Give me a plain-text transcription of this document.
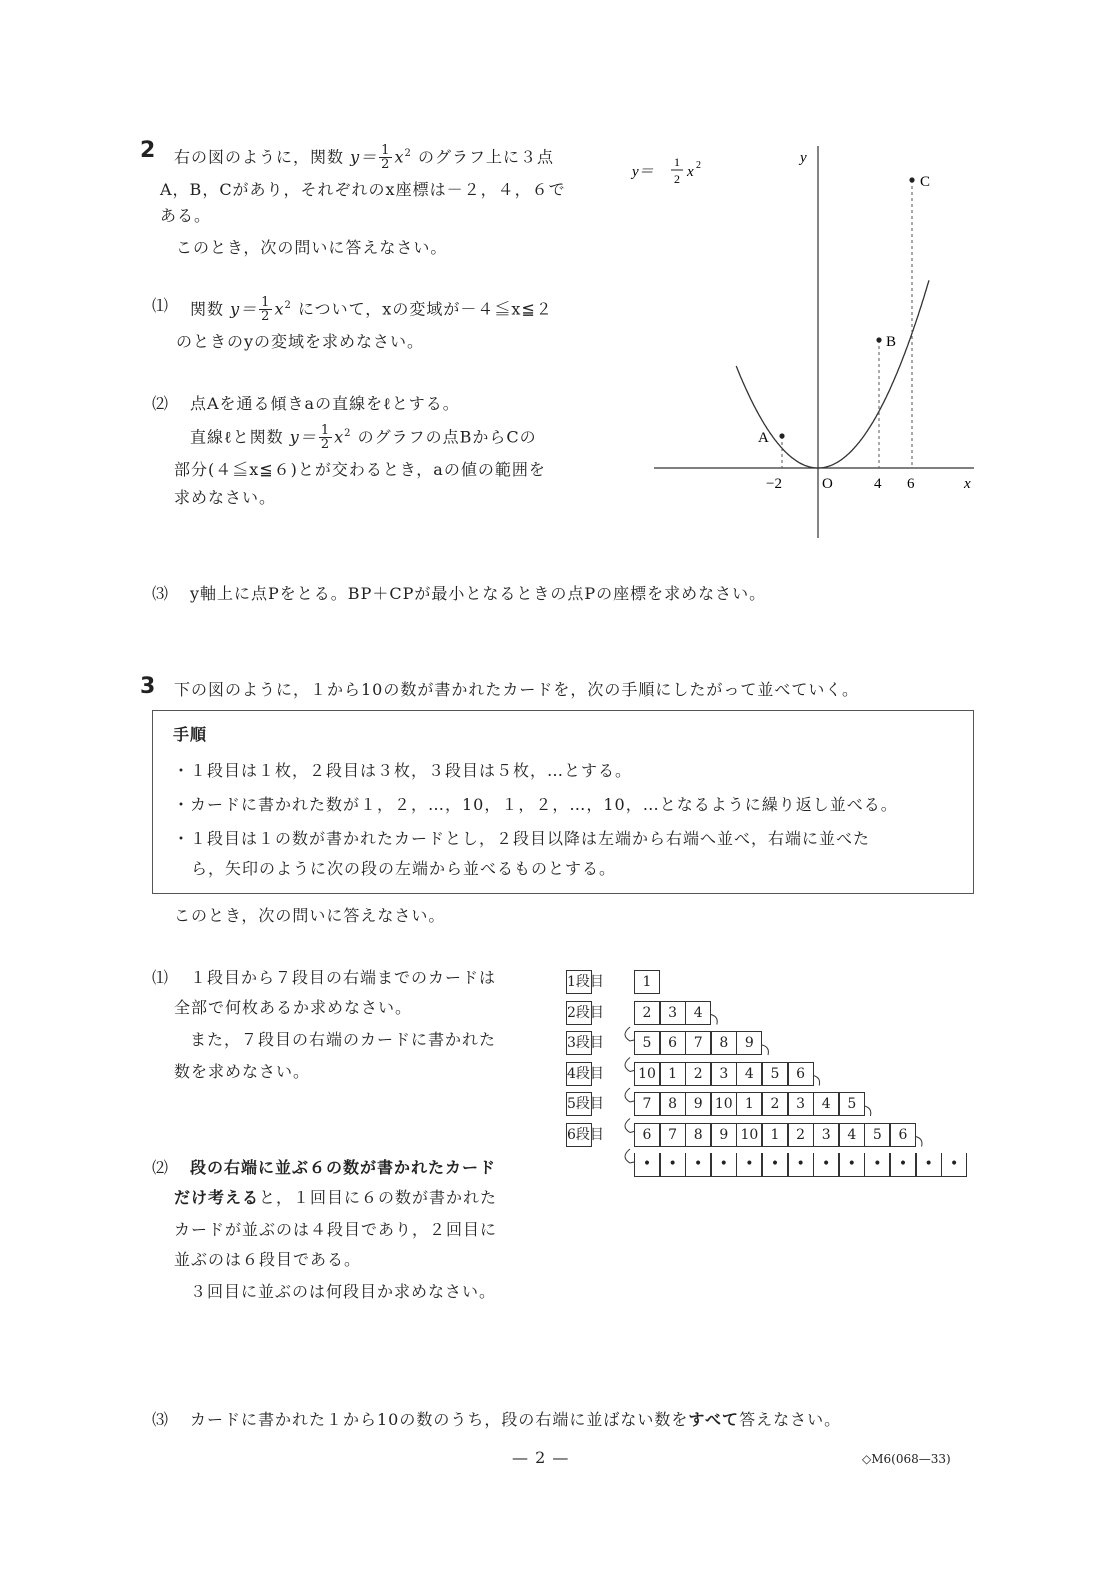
2 右の図のように，関数 $y= \frac{1}{2} x^2$ のグラフ上に３点
A，B，Cがあり，それぞれのx座標は－２，４，６で
ある。
このとき，次の問いに答えなさい。
⑴ 関数 $y= \frac{1}{2} x^2$ について，xの変域が－４≦x≦２
のときのyの変域を求めなさい。
⑵ 点Aを通る傾きaの直線をℓとする。
直線ℓと関数 $y= \frac{1}{2} x^2$ のグラフの点BからCの
部分(４≦x≦６)とが交わるとき，aの値の範囲を
求めなさい。
A
B
C
y
x
O
−2	4 6
y＝
1
2 x 2
⑶ y軸上に点Pをとる。BP＋CPが最小となるときの点Pの座標を求めなさい。
3 下の図のように，１から10の数が書かれたカードを，次の手順にしたがって並べていく。
手順
・１段目は１枚，２段目は３枚，３段目は５枚，…とする。
・カードに書かれた数が１，２，…，10，１，２，…，10，…となるように繰り返し並べる。
・１段目は１の数が書かれたカードとし，２段目以降は左端から右端へ並べ，右端に並べた
ら，矢印のように次の段の左端から並べるものとする。
このとき，次の問いに答えなさい。
⑴ １段目から７段目の右端までのカードは
全部で何枚あるか求めなさい。
また，７段目の右端のカードに書かれた
数を求めなさい。
⑵ 段の右端に並ぶ６の数が書かれたカード
だけ考えると，１回目に６の数が書かれた
カードが並ぶのは４段目であり，２回目に
並ぶのは６段目である。
３回目に並ぶのは何段目か求めなさい。
1段目	1
2段目	2	3	4
3段目	5	6	7	8	9
4段目 10 1	2	3	4	5	6
5段目	7	8	9 10 1	2	3	4	5
6段目	6	7	8	9 10 1	2	3	4	5	6
•	•	•	•	•	•	•	•	•	•	•	•	•
⑶ カードに書かれた１から10の数のうち，段の右端に並ばない数をすべて答えなさい。
— 2 —	◇M6(068—33)
